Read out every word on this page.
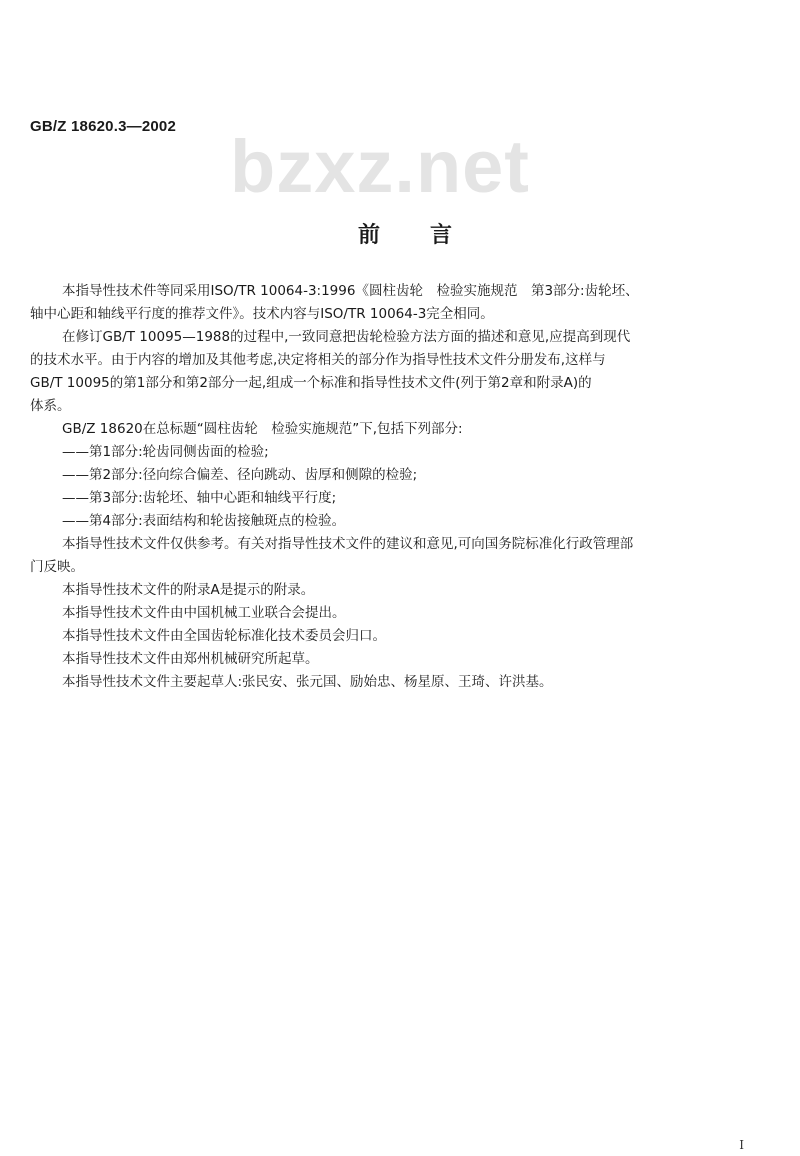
GB/Z 18620.3—2002 bzxz.net
前言
本指导性技术件等同采用ISO/TR 10064-3:1996《圆柱齿轮　检验实施规范　第3部分:齿轮坯、
轴中心距和轴线平行度的推荐文件》。技术内容与ISO/TR 10064-3完全相同。
在修订GB/T 10095—1988的过程中,一致同意把齿轮检验方法方面的描述和意见,应提高到现代
的技术水平。由于内容的增加及其他考虑,决定将相关的部分作为指导性技术文件分册发布,这样与
GB/T 10095的第1部分和第2部分一起,组成一个标准和指导性技术文件(列于第2章和附录A)的
体系。
GB/Z 18620在总标题“圆柱齿轮　检验实施规范”下,包括下列部分:
——第1部分:轮齿同侧齿面的检验;
——第2部分:径向综合偏差、径向跳动、齿厚和侧隙的检验;
——第3部分:齿轮坯、轴中心距和轴线平行度;
——第4部分:表面结构和轮齿接触斑点的检验。
本指导性技术文件仅供参考。有关对指导性技术文件的建议和意见,可向国务院标准化行政管理部
门反映。
本指导性技术文件的附录A是提示的附录。
本指导性技术文件由中国机械工业联合会提出。
本指导性技术文件由全国齿轮标准化技术委员会归口。
本指导性技术文件由郑州机械研究所起草。
本指导性技术文件主要起草人:张民安、张元国、励始忠、杨星原、王琦、许洪基。
I
